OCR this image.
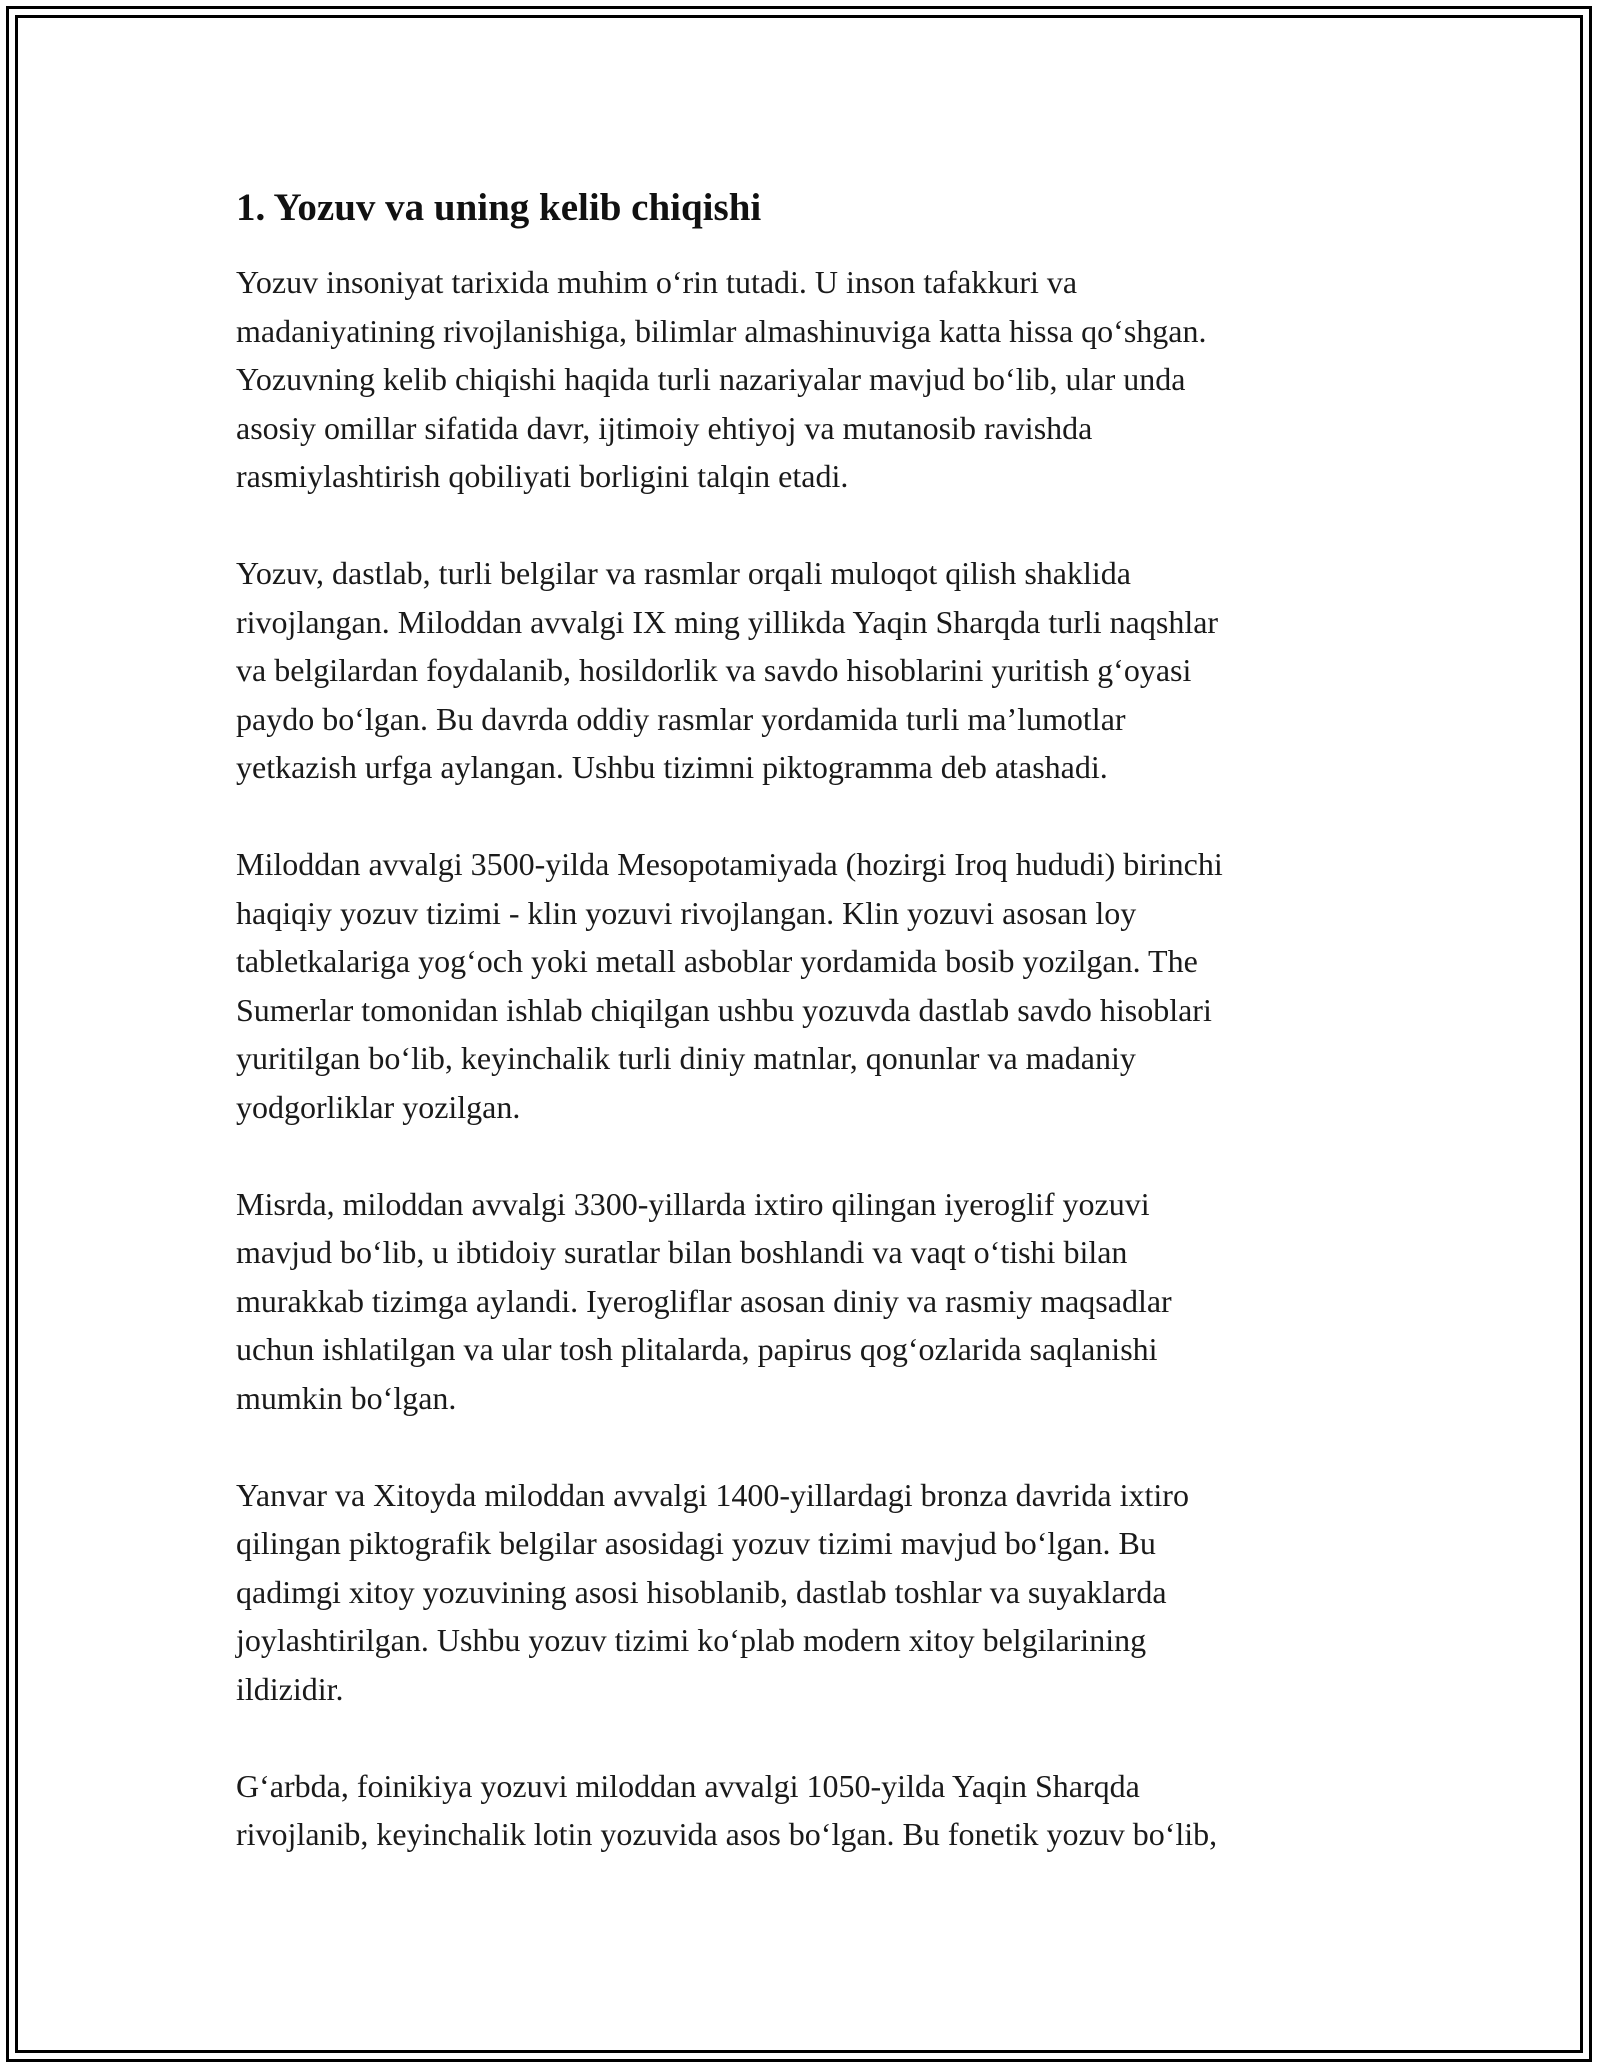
1. Yozuv va uning kelib chiqishi

Yozuv insoniyat tarixida muhim o‘rin tutadi. U inson tafakkuri va
madaniyatining rivojlanishiga, bilimlar almashinuviga katta hissa qo‘shgan.
Yozuvning kelib chiqishi haqida turli nazariyalar mavjud bo‘lib, ular unda
asosiy omillar sifatida davr, ijtimoiy ehtiyoj va mutanosib ravishda
rasmiylashtirish qobiliyati borligini talqin etadi.

Yozuv, dastlab, turli belgilar va rasmlar orqali muloqot qilish shaklida
rivojlangan. Miloddan avvalgi IX ming yillikda Yaqin Sharqda turli naqshlar
va belgilardan foydalanib, hosildorlik va savdo hisoblarini yuritish g‘oyasi
paydo bo‘lgan. Bu davrda oddiy rasmlar yordamida turli ma’lumotlar
yetkazish urfga aylangan. Ushbu tizimni piktogramma deb atashadi.

Miloddan avvalgi 3500-yilda Mesopotamiyada (hozirgi Iroq hududi) birinchi
haqiqiy yozuv tizimi - klin yozuvi rivojlangan. Klin yozuvi asosan loy
tabletkalariga yog‘och yoki metall asboblar yordamida bosib yozilgan. The
Sumerlar tomonidan ishlab chiqilgan ushbu yozuvda dastlab savdo hisoblari
yuritilgan bo‘lib, keyinchalik turli diniy matnlar, qonunlar va madaniy
yodgorliklar yozilgan.

Misrda, miloddan avvalgi 3300-yillarda ixtiro qilingan iyeroglif yozuvi
mavjud bo‘lib, u ibtidoiy suratlar bilan boshlandi va vaqt o‘tishi bilan
murakkab tizimga aylandi. Iyerogliflar asosan diniy va rasmiy maqsadlar
uchun ishlatilgan va ular tosh plitalarda, papirus qog‘ozlarida saqlanishi
mumkin bo‘lgan.

Yanvar va Xitoyda miloddan avvalgi 1400-yillardagi bronza davrida ixtiro
qilingan piktografik belgilar asosidagi yozuv tizimi mavjud bo‘lgan. Bu
qadimgi xitoy yozuvining asosi hisoblanib, dastlab toshlar va suyaklarda
joylashtirilgan. Ushbu yozuv tizimi ko‘plab modern xitoy belgilarining
ildizidir.

G‘arbda, foinikiya yozuvi miloddan avvalgi 1050-yilda Yaqin Sharqda
rivojlanib, keyinchalik lotin yozuvida asos bo‘lgan. Bu fonetik yozuv bo‘lib,
